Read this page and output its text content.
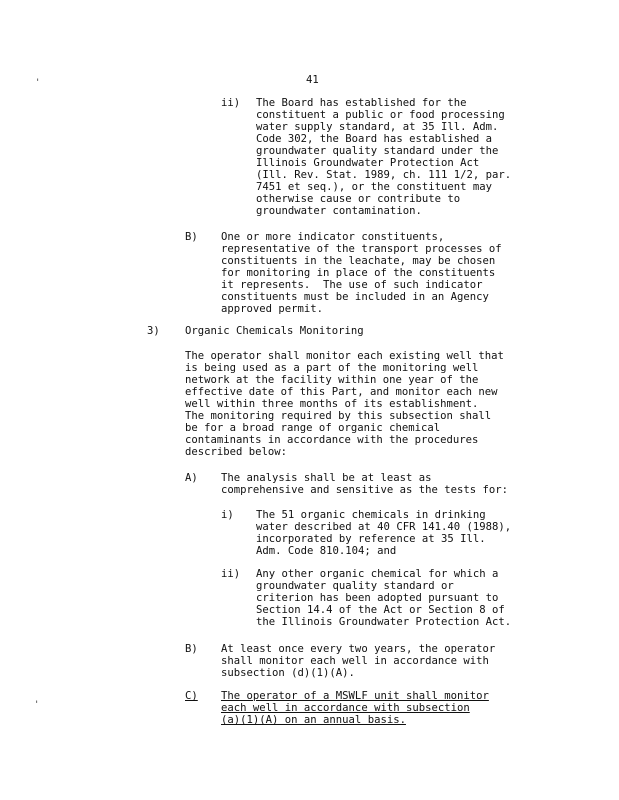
'
'
41
ii) The Board has established for the
constituent a public or food processing
water supply standard, at 35 Ill. Adm.
Code 302, the Board has established a
groundwater quality standard under the
Illinois Groundwater Protection Act
(Ill. Rev. Stat. 1989, ch. 111 1/2, par.
7451 et seq.), or the constituent may
otherwise cause or contribute to
groundwater contamination.
B) One or more indicator constituents,
representative of the transport processes of
constituents in the leachate, may be chosen
for monitoring in place of the constituents
it represents.  The use of such indicator
constituents must be included in an Agency
approved permit.
3) Organic Chemicals Monitoring
The operator shall monitor each existing well that
is being used as a part of the monitoring well
network at the facility within one year of the
effective date of this Part, and monitor each new
well within three months of its establishment.
The monitoring required by this subsection shall
be for a broad range of organic chemical
contaminants in accordance with the procedures
described below:
A) The analysis shall be at least as
comprehensive and sensitive as the tests for:
i) The 51 organic chemicals in drinking
water described at 40 CFR 141.40 (1988),
incorporated by reference at 35 Ill.
Adm. Code 810.104; and
ii) Any other organic chemical for which a
groundwater quality standard or
criterion has been adopted pursuant to
Section 14.4 of the Act or Section 8 of
the Illinois Groundwater Protection Act.
B) At least once every two years, the operator
shall monitor each well in accordance with
subsection (d)(1)(A).
C) The operator of a MSWLF unit shall monitor
each well in accordance with subsection
(a)(1)(A) on an annual basis.
